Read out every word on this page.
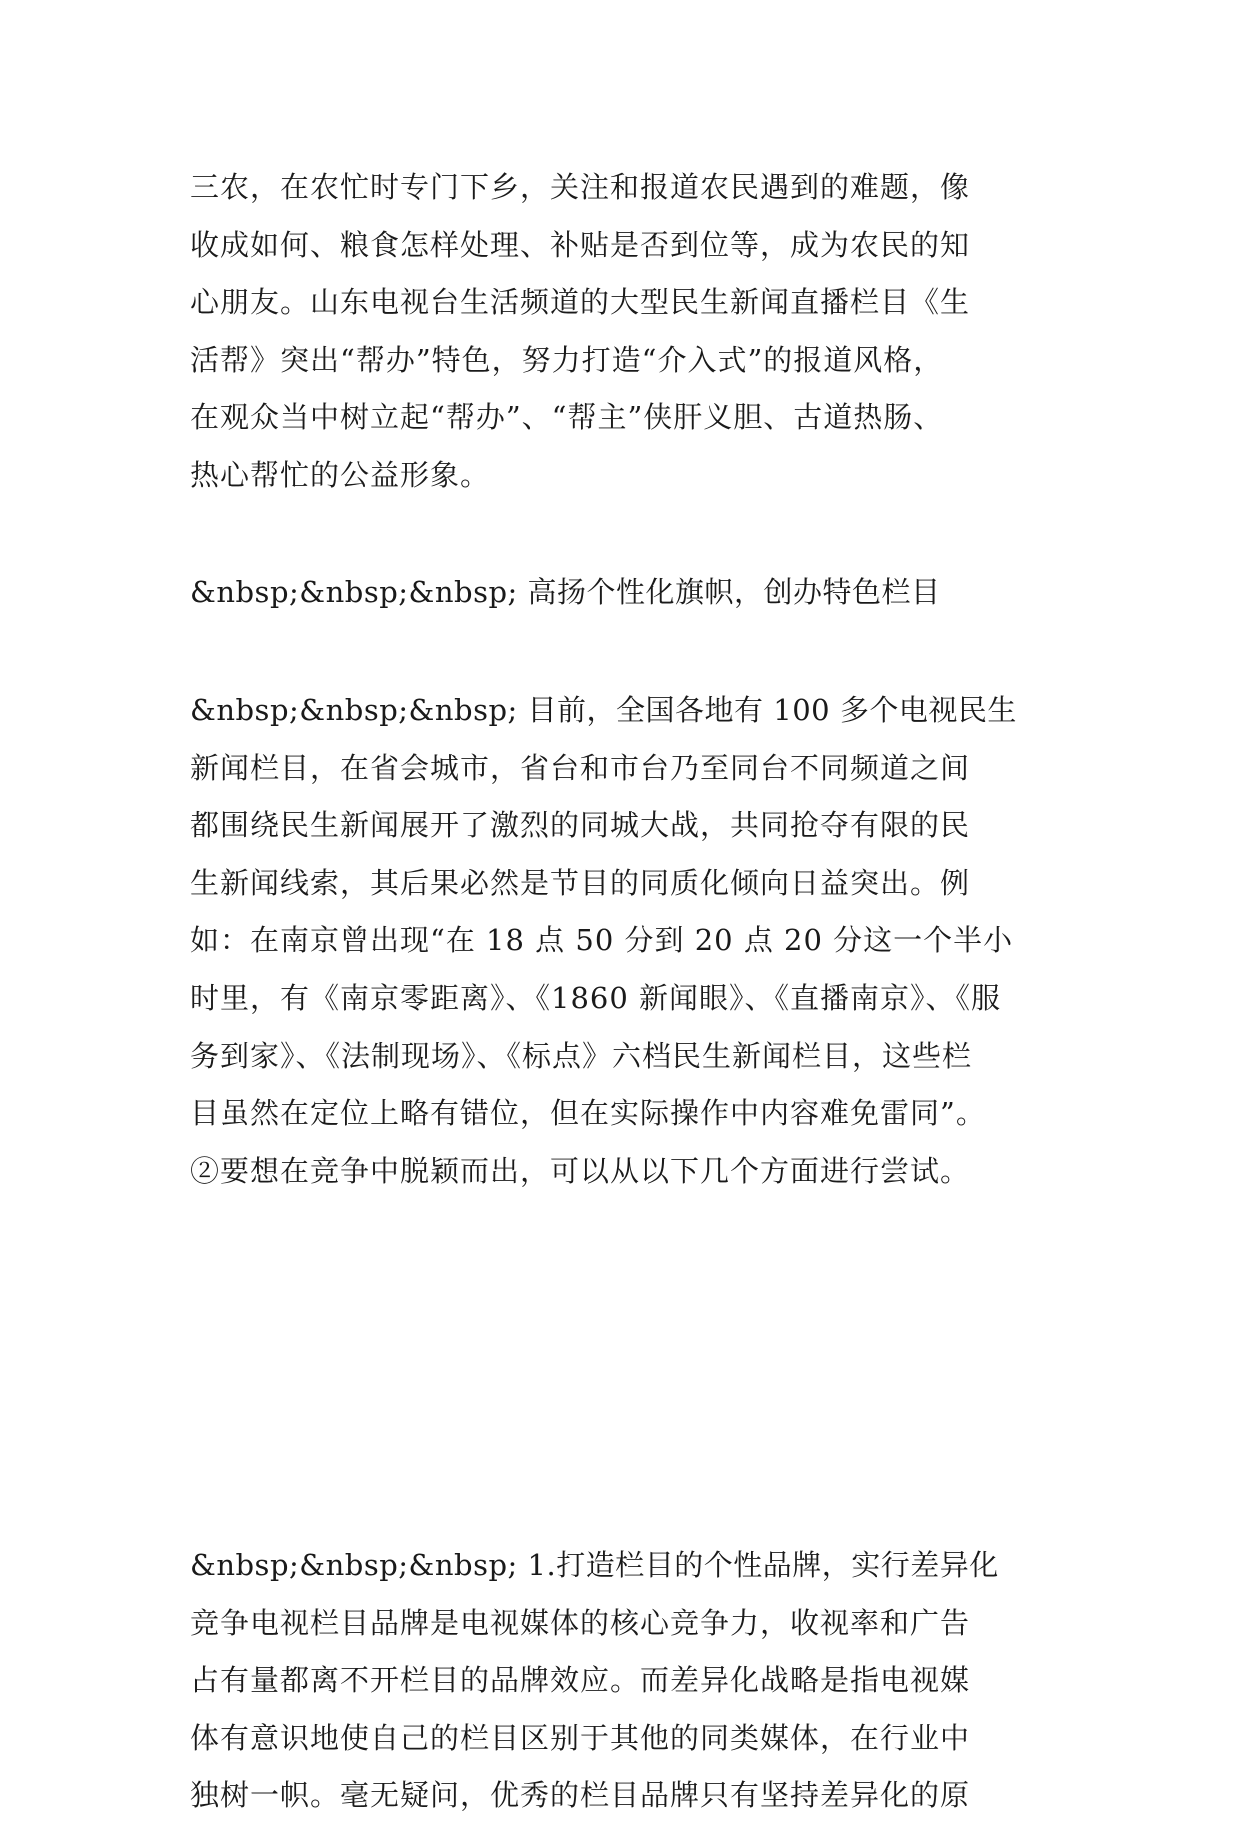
三农，在农忙时专门下乡，关注和报道农民遇到的难题，像
收成如何、粮食怎样处理、补贴是否到位等，成为农民的知
心朋友。山东电视台生活频道的大型民生新闻直播栏目《生
活帮》突出“帮办”特色，努力打造“介入式”的报道风格，
在观众当中树立起“帮办”、“帮主”侠肝义胆、古道热肠、
热心帮忙的公益形象。
&nbsp;&nbsp;&nbsp; 高扬个性化旗帜，创办特色栏目
&nbsp;&nbsp;&nbsp; 目前，全国各地有 100 多个电视民生
新闻栏目，在省会城市，省台和市台乃至同台不同频道之间
都围绕民生新闻展开了激烈的同城大战，共同抢夺有限的民
生新闻线索，其后果必然是节目的同质化倾向日益突出。例
如：在南京曾出现“在 18 点 50 分到 20 点 20 分这一个半小
时里，有《南京零距离》、《1860 新闻眼》、《直播南京》、《服
务到家》、《法制现场》、《标点》六档民生新闻栏目，这些栏
目虽然在定位上略有错位，但在实际操作中内容难免雷同”。
②要想在竞争中脱颖而出，可以从以下几个方面进行尝试。
&nbsp;&nbsp;&nbsp; 1.打造栏目的个性品牌，实行差异化
竞争电视栏目品牌是电视媒体的核心竞争力，收视率和广告
占有量都离不开栏目的品牌效应。而差异化战略是指电视媒
体有意识地使自己的栏目区别于其他的同类媒体，在行业中
独树一帜。毫无疑问，优秀的栏目品牌只有坚持差异化的原
